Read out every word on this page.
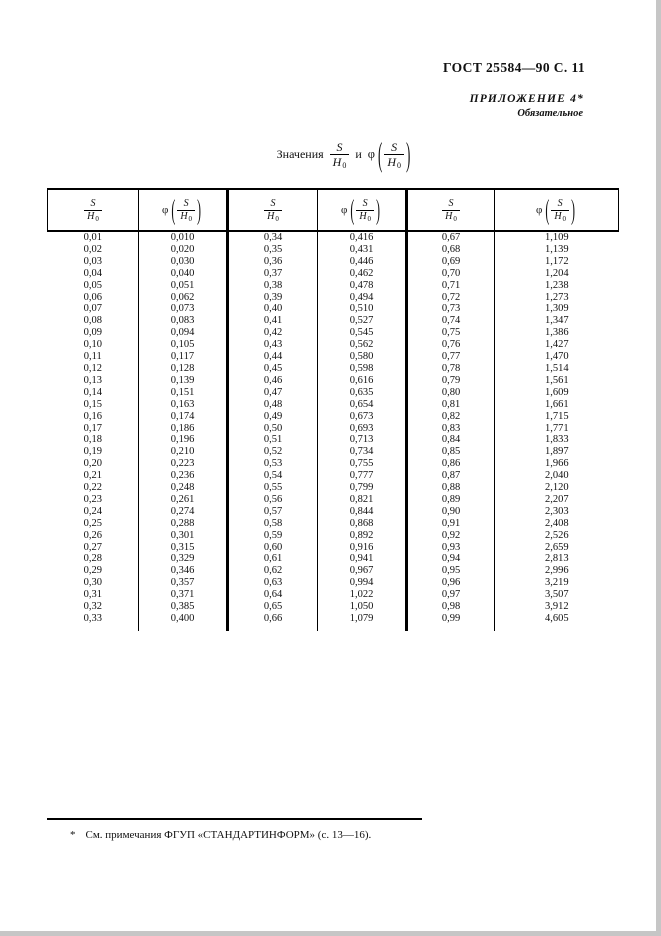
ГОСТ 25584—90 С. 11
ПРИЛОЖЕНИЕ 4*
Обязательное
Значения $\frac{S}{H0}$ и φ ( $\frac{S}{H0}$ )
$\frac{S}{H_0}$	φ ( $\frac{S}{H_0}$ )	$\frac{S}{H_0}$	φ ( $\frac{S}{H_0}$ )	$\frac{S}{H_0}$	φ ( $\frac{S}{H_0}$ )

0,01	0,010	0,34	0,416	0,67	1,109
0,02	0,020	0,35	0,431	0,68	1,139
0,03	0,030	0,36	0,446	0,69	1,172
0,04	0,040	0,37	0,462	0,70	1,204
0,05	0,051	0,38	0,478	0,71	1,238
0,06	0,062	0,39	0,494	0,72	1,273
0,07	0,073	0,40	0,510	0,73	1,309
0,08	0,083	0,41	0,527	0,74	1,347
0,09	0,094	0,42	0,545	0,75	1,386
0,10	0,105	0,43	0,562	0,76	1,427
0,11	0,117	0,44	0,580	0,77	1,470
0,12	0,128	0,45	0,598	0,78	1,514
0,13	0,139	0,46	0,616	0,79	1,561
0,14	0,151	0,47	0,635	0,80	1,609
0,15	0,163	0,48	0,654	0,81	1,661
0,16	0,174	0,49	0,673	0,82	1,715
0,17	0,186	0,50	0,693	0,83	1,771
0,18	0,196	0,51	0,713	0,84	1,833
0,19	0,210	0,52	0,734	0,85	1,897
0,20	0,223	0,53	0,755	0,86	1,966
0,21	0,236	0,54	0,777	0,87	2,040
0,22	0,248	0,55	0,799	0,88	2,120
0,23	0,261	0,56	0,821	0,89	2,207
0,24	0,274	0,57	0,844	0,90	2,303
0,25	0,288	0,58	0,868	0,91	2,408
0,26	0,301	0,59	0,892	0,92	2,526
0,27	0,315	0,60	0,916	0,93	2,659
0,28	0,329	0,61	0,941	0,94	2,813
0,29	0,346	0,62	0,967	0,95	2,996
0,30	0,357	0,63	0,994	0,96	3,219
0,31	0,371	0,64	1,022	0,97	3,507
0,32	0,385	0,65	1,050	0,98	3,912
0,33	0,400	0,66	1,079	0,99	4,605

* См. примечания ФГУП «СТАНДАРТИНФОРМ» (с. 13—16).
